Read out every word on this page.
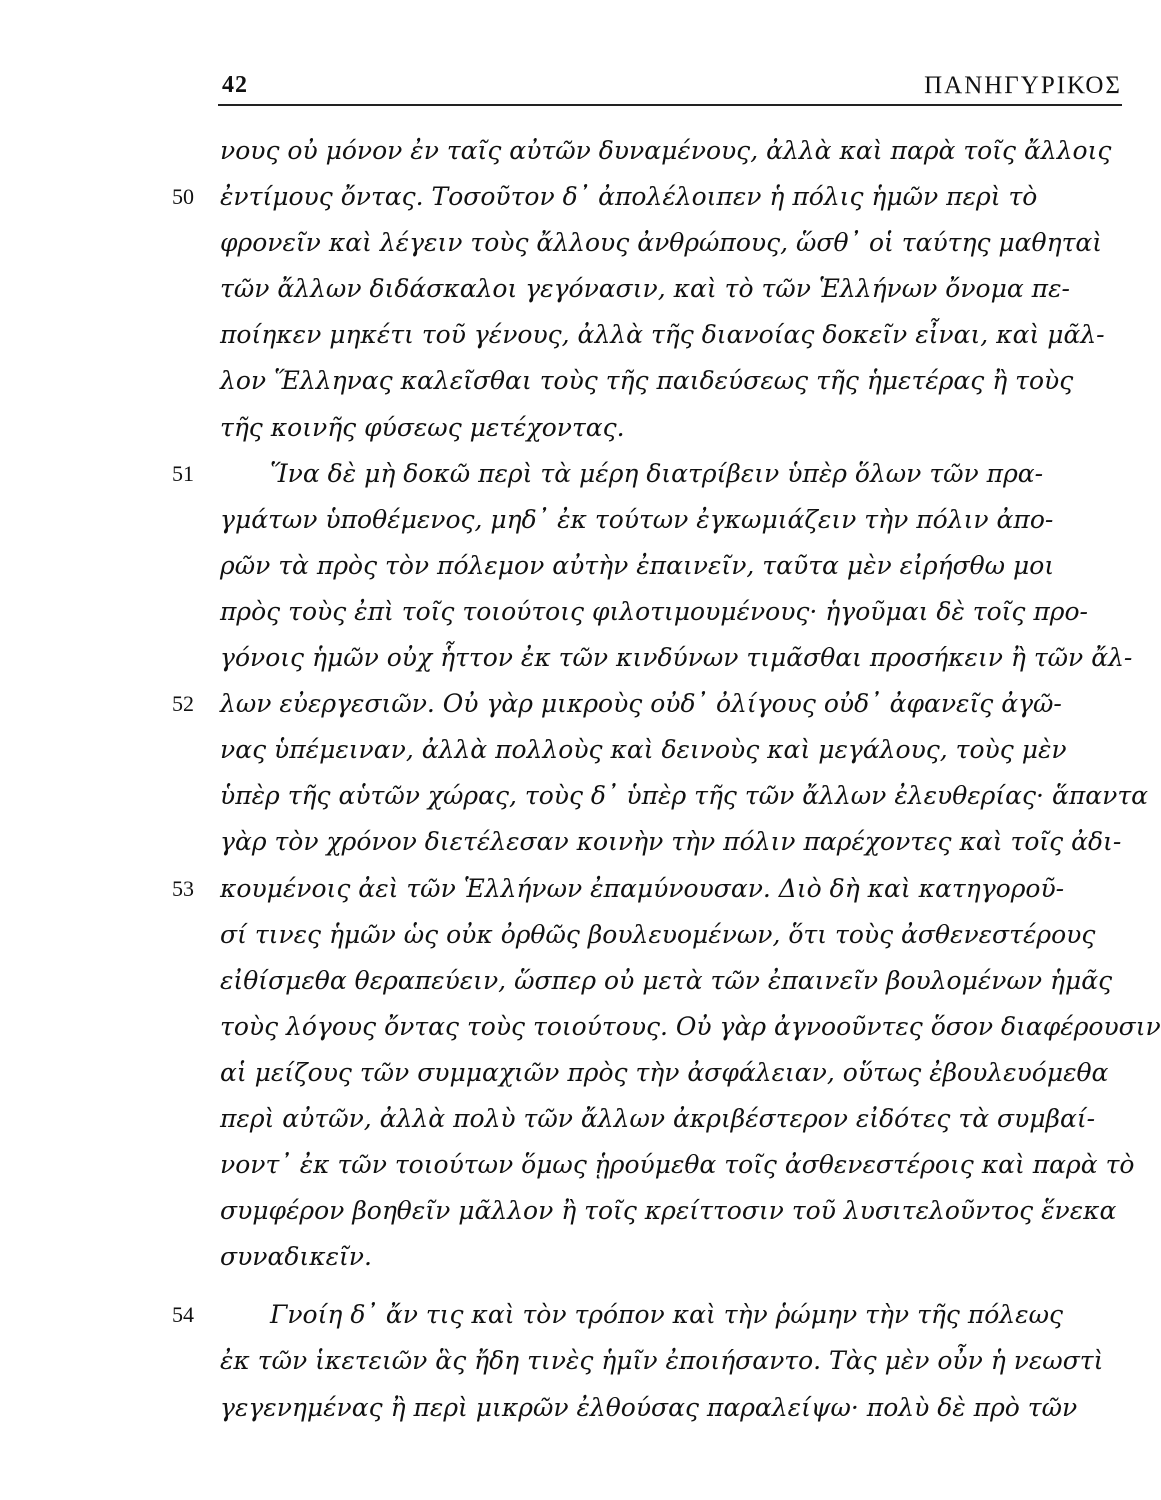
42	ΠΑΝΗΓΥΡΙΚΟΣ
νους οὐ μόνον ἐν ταῖς αὐτῶν δυναμένους, ἀλλὰ καὶ παρὰ τοῖς ἄλλοις
50	ἐντίμους ὄντας. Τοσοῦτον δ᾽ ἀπολέλοιπεν ἡ πόλις ἡμῶν περὶ τὸ
φρονεῖν καὶ λέγειν τοὺς ἄλλους ἀνθρώπους, ὥσθ᾽ οἱ ταύτης μαθηταὶ
τῶν ἄλλων διδάσκαλοι γεγόνασιν, καὶ τὸ τῶν Ἑλλήνων ὄνομα πε-
ποίηκεν μηκέτι τοῦ γένους, ἀλλὰ τῆς διανοίας δοκεῖν εἶναι, καὶ μᾶλ-
λον Ἕλληνας καλεῖσθαι τοὺς τῆς παιδεύσεως τῆς ἡμετέρας ἢ τοὺς
τῆς κοινῆς φύσεως μετέχοντας.
51	Ἵνα δὲ μὴ δοκῶ περὶ τὰ μέρη διατρίβειν ὑπὲρ ὅλων τῶν πρα-
γμάτων ὑποθέμενος, μηδ᾽ ἐκ τούτων ἐγκωμιάζειν τὴν πόλιν ἀπο-
ρῶν τὰ πρὸς τὸν πόλεμον αὐτὴν ἐπαινεῖν, ταῦτα μὲν εἰρήσθω μοι
πρὸς τοὺς ἐπὶ τοῖς τοιούτοις φιλοτιμουμένους· ἡγοῦμαι δὲ τοῖς προ-
γόνοις ἡμῶν οὐχ ἧττον ἐκ τῶν κινδύνων τιμᾶσθαι προσήκειν ἢ τῶν ἄλ-
52	λων εὐεργεσιῶν. Οὐ γὰρ μικροὺς οὐδ᾽ ὀλίγους οὐδ᾽ ἀφανεῖς ἀγῶ-
νας ὑπέμειναν, ἀλλὰ πολλοὺς καὶ δεινοὺς καὶ μεγάλους, τοὺς μὲν
ὑπὲρ τῆς αὑτῶν χώρας, τοὺς δ᾽ ὑπὲρ τῆς τῶν ἄλλων ἐλευθερίας· ἅπαντα
γὰρ τὸν χρόνον διετέλεσαν κοινὴν τὴν πόλιν παρέχοντες καὶ τοῖς ἀδι-
53	κουμένοις ἀεὶ τῶν Ἑλλήνων ἐπαμύνουσαν. Διὸ δὴ καὶ κατηγοροῦ-
σί τινες ἡμῶν ὡς οὐκ ὀρθῶς βουλευομένων, ὅτι τοὺς ἀσθενεστέρους
εἰθίσμεθα θεραπεύειν, ὥσπερ οὐ μετὰ τῶν ἐπαινεῖν βουλομένων ἡμᾶς
τοὺς λόγους ὄντας τοὺς τοιούτους. Οὐ γὰρ ἀγνοοῦντες ὅσον διαφέρουσιν
αἱ μείζους τῶν συμμαχιῶν πρὸς τὴν ἀσφάλειαν, οὕτως ἐβουλευόμεθα
περὶ αὐτῶν, ἀλλὰ πολὺ τῶν ἄλλων ἀκριβέστερον εἰδότες τὰ συμβαί-
νοντ᾽ ἐκ τῶν τοιούτων ὅμως ᾑρούμεθα τοῖς ἀσθενεστέροις καὶ παρὰ τὸ
συμφέρον βοηθεῖν μᾶλλον ἢ τοῖς κρείττοσιν τοῦ λυσιτελοῦντος ἕνεκα
συναδικεῖν.
54	Γνοίη δ᾽ ἄν τις καὶ τὸν τρόπον καὶ τὴν ῥώμην τὴν τῆς πόλεως
ἐκ τῶν ἱκετειῶν ἃς ἤδη τινὲς ἡμῖν ἐποιήσαντο. Τὰς μὲν οὖν ἡ νεωστὶ
γεγενημένας ἢ περὶ μικρῶν ἐλθούσας παραλείψω· πολὺ δὲ πρὸ τῶν
